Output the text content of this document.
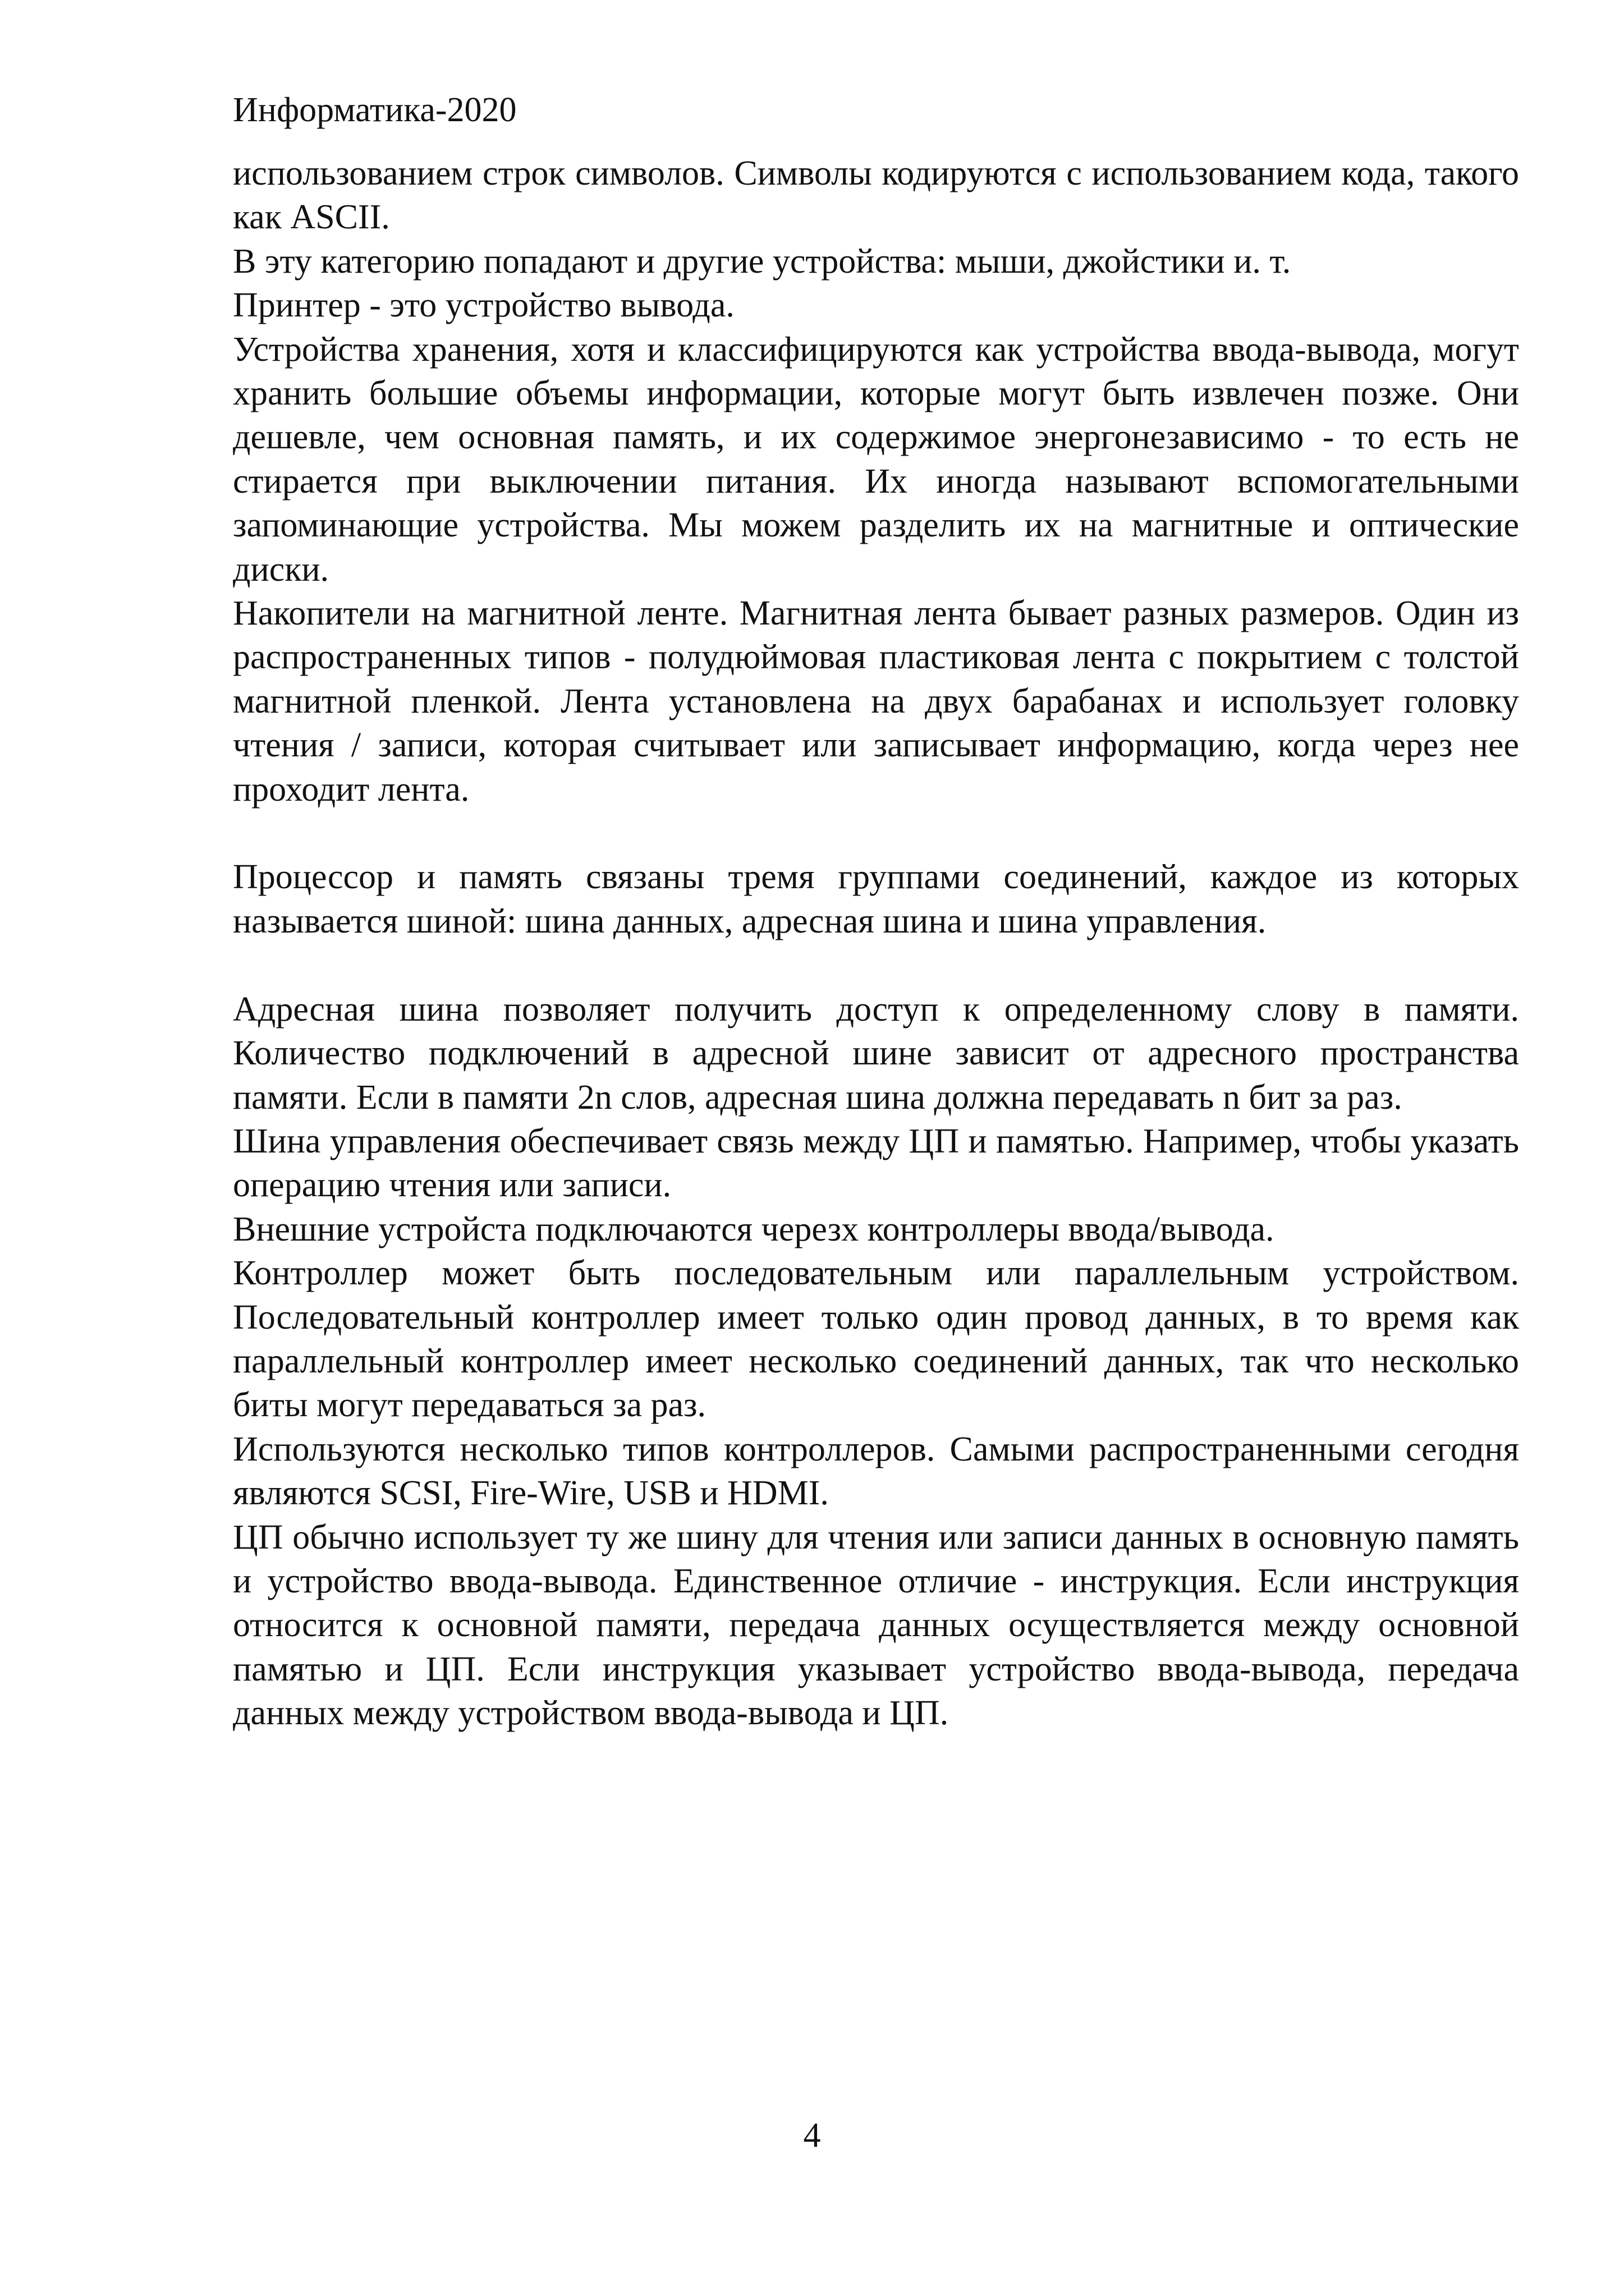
Информатика-2020

использованием строк символов. Символы кодируются с использованием кода, такого как ASCII.

В эту категорию попадают и другие устройства: мыши, джойстики и. т.

Принтер - это устройство вывода.

Устройства хранения, хотя и классифицируются как устройства ввода-вывода, могут хранить большие объемы информации, которые могут быть извлечен позже. Они дешевле, чем основная память, и их содержимое энергонезависимо - то есть не стирается при выключении питания. Их иногда называют вспомогательными запоминающие устройства. Мы можем разделить их на магнитные и оптические диски.

Накопители на магнитной ленте. Магнитная лента бывает разных размеров. Один из распространенных типов - полудюймовая пластиковая лента с покрытием с толстой магнитной пленкой. Лента установлена на двух барабанах и использует головку чтения / записи, которая считывает или записывает информацию, когда через нее проходит лента.

Процессор и память связаны тремя группами соединений, каждое из которых называется шиной: шина данных, адресная шина и шина управления.

Адресная шина позволяет получить доступ к определенному слову в памяти. Количество подключений в адресной шине зависит от адресного пространства памяти. Если в памяти 2n слов, адресная шина должна передавать n бит за раз.

Шина управления обеспечивает связь между ЦП и памятью. Например, чтобы указать операцию чтения или записи.

Внешние устройста подключаются черезх контроллеры ввода/вывода.

Контроллер может быть последовательным или параллельным устройством. Последовательный контроллер имеет только один провод данных, в то время как параллельный контроллер имеет несколько соединений данных, так что несколько биты могут передаваться за раз.

Используются несколько типов контроллеров. Самыми распространенными сегодня являются SCSI, Fire-Wire, USB и HDMI.

ЦП обычно использует ту же шину для чтения или записи данных в основную память и устройство ввода-вывода. Единственное отличие - инструкция. Если инструкция относится к основной памяти, передача данных осуществляется между основной памятью и ЦП. Если инструкция указывает устройство ввода-вывода, передача данных между устройством ввода-вывода и ЦП.

4
